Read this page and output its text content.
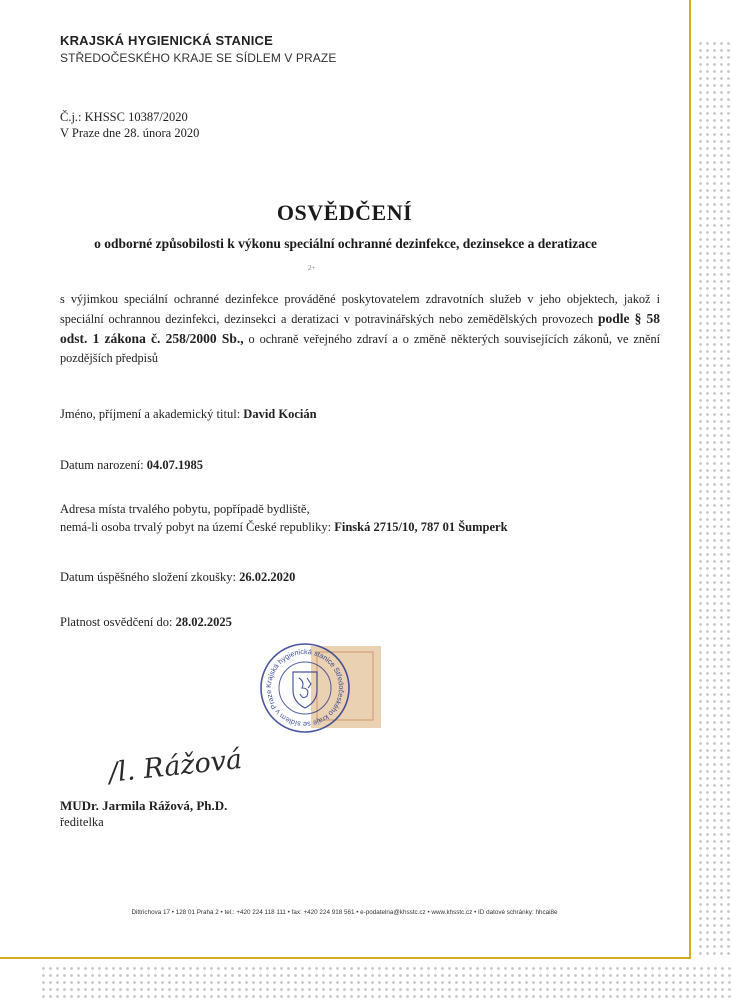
KRAJSKÁ HYGIENICKÁ STANICE
STŘEDOČESKÉHO KRAJE SE SÍDLEM V PRAZE
Č.j.: KHSSC 10387/2020
V Praze dne 28. února 2020
OSVĚDČENÍ
o odborné způsobilosti k výkonu speciální ochranné dezinfekce, dezinsekce a deratizace
2+
s výjimkou speciální ochranné dezinfekce prováděné poskytovatelem zdravotních služeb v jeho objektech, jakož i speciální ochrannou dezinfekci, dezinsekci a deratizaci v potravinářských nebo zemědělských provozech podle § 58 odst. 1 zákona č. 258/2000 Sb., o ochraně veřejného zdraví a o změně některých souvisejících zákonů, ve znění pozdějších předpisů
Jméno, příjmení a akademický titul: David Kocián
Datum narození: 04.07.1985
Adresa místa trvalého pobytu, popřípadě bydliště,
nemá-li osoba trvalý pobyt na území České republiky: Finská 2715/10, 787 01 Šumperk
Datum úspěšného složení zkoušky: 26.02.2020
Platnost osvědčení do: 28.02.2025
Krajská hygienická stanice Středočeského kraje se sídlem v Praze
/l. Rážová
MUDr. Jarmila Rážová, Ph.D.
ředitelka
Dittrichova 17 • 128 01 Praha 2 • tel.: +420 224 118 111 • fax: +420 224 918 561 • e-podatelna@khsstc.cz • www.khsstc.cz • ID datové schránky: hhcai8e
